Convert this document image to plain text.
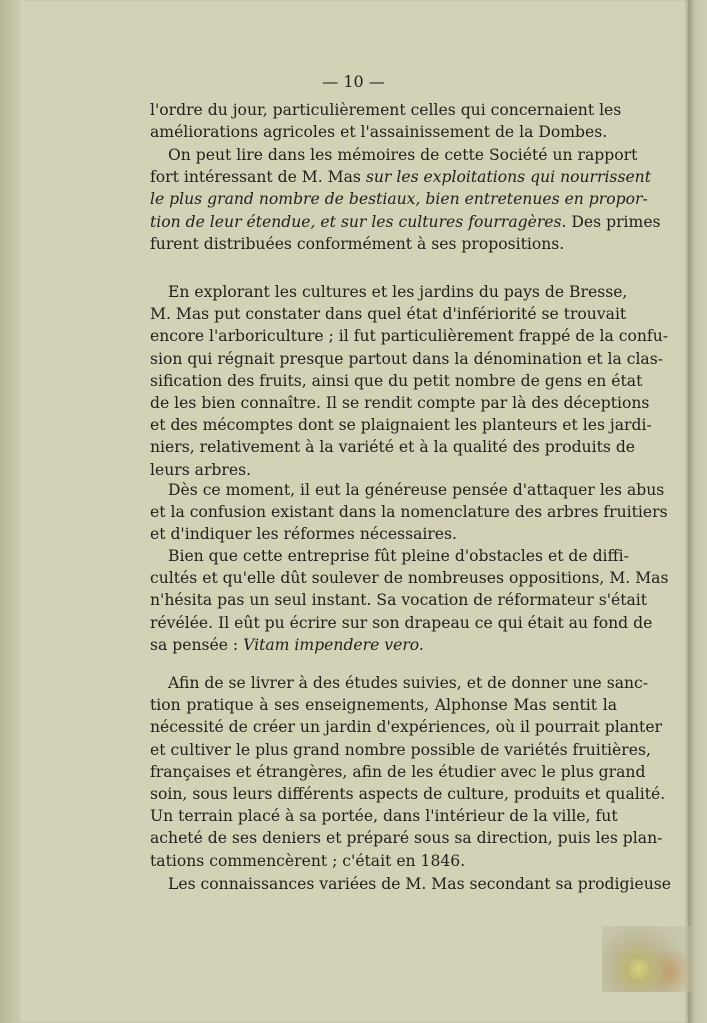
— 10 —
l'ordre du jour, particulièrement celles qui concernaient les
améliorations agricoles et l'assainissement de la Dombes.
On peut lire dans les mémoires de cette Société un rapport
fort intéressant de M. Mas sur les exploitations qui nourrissent
le plus grand nombre de bestiaux, bien entretenues en propor-
tion de leur étendue, et sur les cultures fourragères. Des primes
furent distribuées conformément à ses propositions.
En explorant les cultures et les jardins du pays de Bresse,
M. Mas put constater dans quel état d'infériorité se trouvait
encore l'arboriculture ; il fut particulièrement frappé de la confu-
sion qui régnait presque partout dans la dénomination et la clas-
sification des fruits, ainsi que du petit nombre de gens en état
de les bien connaître. Il se rendit compte par là des déceptions
et des mécomptes dont se plaignaient les planteurs et les jardi-
niers, relativement à la variété et à la qualité des produits de
leurs arbres.
Dès ce moment, il eut la généreuse pensée d'attaquer les abus
et la confusion existant dans la nomenclature des arbres fruitiers
et d'indiquer les réformes nécessaires.
Bien que cette entreprise fût pleine d'obstacles et de diffi-
cultés et qu'elle dût soulever de nombreuses oppositions, M. Mas
n'hésita pas un seul instant. Sa vocation de réformateur s'était
révélée. Il eût pu écrire sur son drapeau ce qui était au fond de
sa pensée : Vitam impendere vero.
Afin de se livrer à des études suivies, et de donner une sanc-
tion pratique à ses enseignements, Alphonse Mas sentit la
nécessité de créer un jardin d'expériences, où il pourrait planter
et cultiver le plus grand nombre possible de variétés fruitières,
françaises et étrangères, afin de les étudier avec le plus grand
soin, sous leurs différents aspects de culture, produits et qualité.
Un terrain placé à sa portée, dans l'intérieur de la ville, fut
acheté de ses deniers et préparé sous sa direction, puis les plan-
tations commencèrent ; c'était en 1846.
Les connaissances variées de M. Mas secondant sa prodigieuse
